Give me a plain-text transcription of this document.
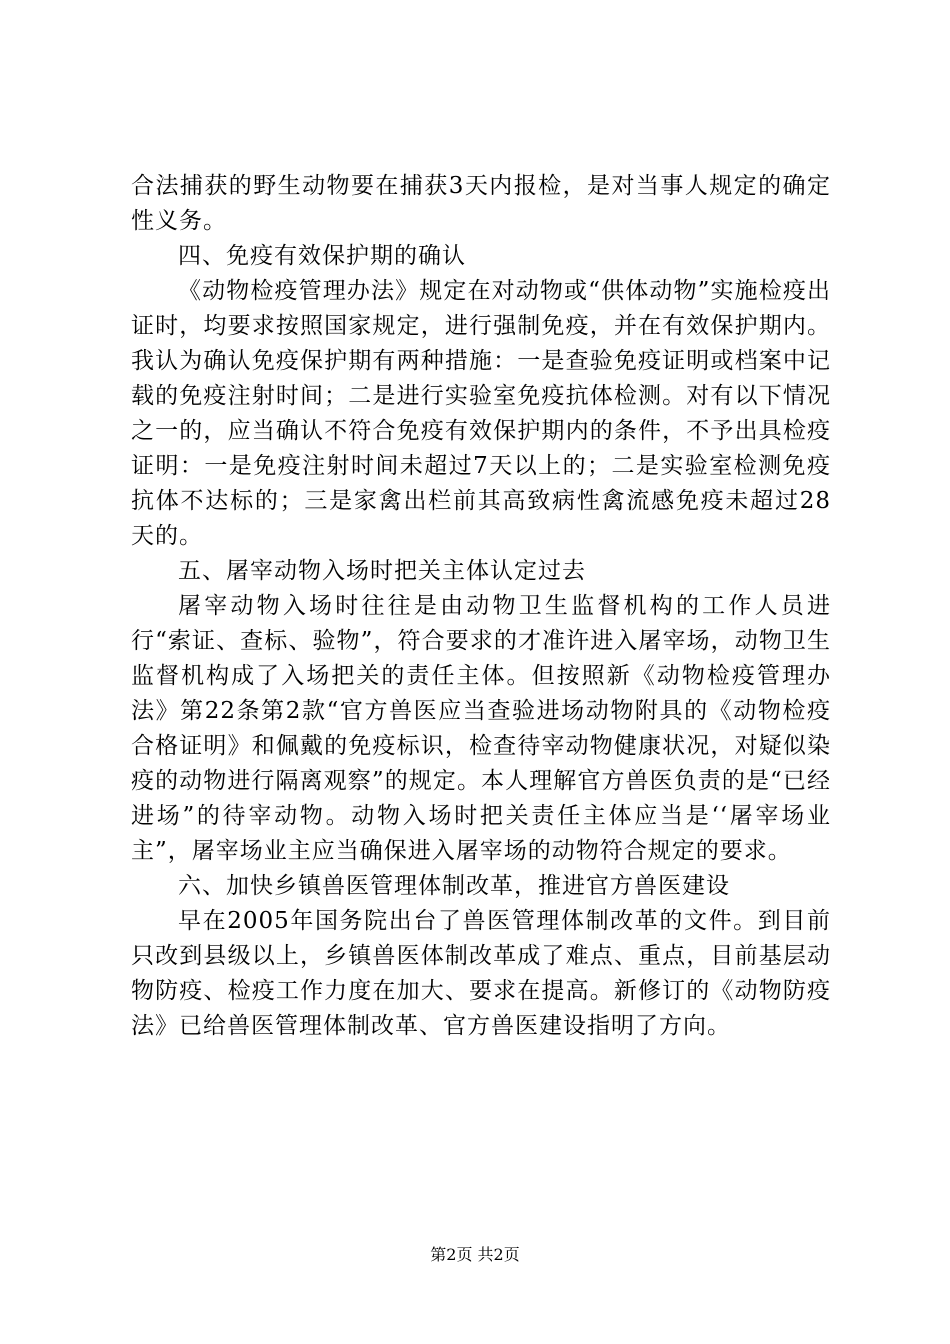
合法捕获的野生动物要在捕获3天内报检，是对当事人规定的确定性义务。

四、免疫有效保护期的确认

《动物检疫管理办法》规定在对动物或“供体动物”实施检疫出证时，均要求按照国家规定，进行强制免疫，并在有效保护期内。我认为确认免疫保护期有两种措施：一是查验免疫证明或档案中记载的免疫注射时间；二是进行实验室免疫抗体检测。对有以下情况之一的，应当确认不符合免疫有效保护期内的条件，不予出具检疫证明：一是免疫注射时间未超过7天以上的；二是实验室检测免疫抗体不达标的；三是家禽出栏前其高致病性禽流感免疫未超过28天的。

五、屠宰动物入场时把关主体认定过去

屠宰动物入场时往往是由动物卫生监督机构的工作人员进行“索证、查标、验物”，符合要求的才准许进入屠宰场，动物卫生监督机构成了入场把关的责任主体。但按照新《动物检疫管理办法》第22条第2款“官方兽医应当查验进场动物附具的《动物检疫合格证明》和佩戴的免疫标识，检查待宰动物健康状况，对疑似染疫的动物进行隔离观察”的规定。本人理解官方兽医负责的是“已经进场”的待宰动物。动物入场时把关责任主体应当是‘‘屠宰场业主”，屠宰场业主应当确保进入屠宰场的动物符合规定的要求。

六、加快乡镇兽医管理体制改革，推进官方兽医建设

早在2005年国务院出台了兽医管理体制改革的文件。到目前只改到县级以上，乡镇兽医体制改革成了难点、重点，目前基层动物防疫、检疫工作力度在加大、要求在提高。新修订的《动物防疫法》已给兽医管理体制改革、官方兽医建设指明了方向。

第2页 共2页
